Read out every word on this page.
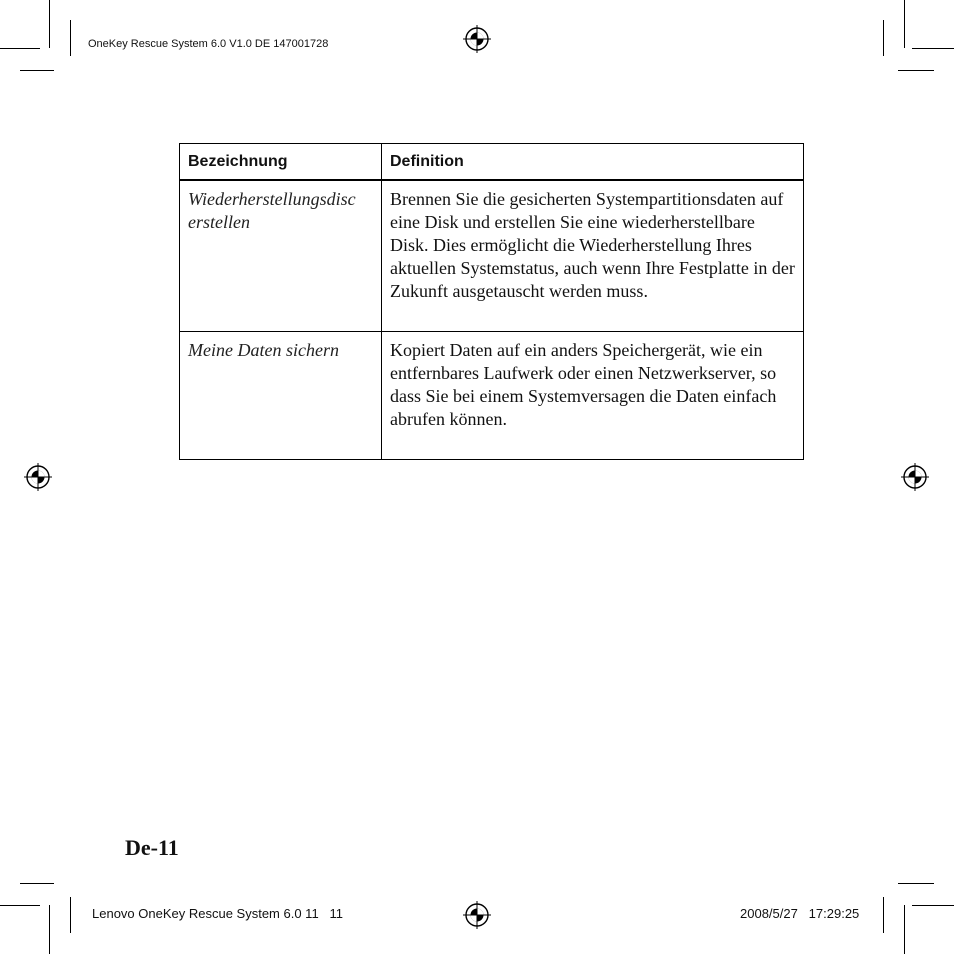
OneKey Rescue System 6.0 V1.0 DE 147001728
Bezeichnung	Definition
Wiederherstellungsdisc erstellen	Brennen Sie die gesicherten Systempartitionsdaten auf eine Disk und erstellen Sie eine wiederherstellbare Disk. Dies ermöglicht die Wiederherstellung Ihres aktuellen Systemstatus, auch wenn Ihre Festplatte in der Zukunft ausgetauscht werden muss.
Meine Daten sichern	Kopiert Daten auf ein anders Speichergerät, wie ein entfernbares Laufwerk oder einen Netzwerkserver, so dass Sie bei einem Systemversagen die Daten einfach abrufen können.
De-11
Lenovo OneKey Rescue System 6.0 11   11	2008/5/27   17:29:25
